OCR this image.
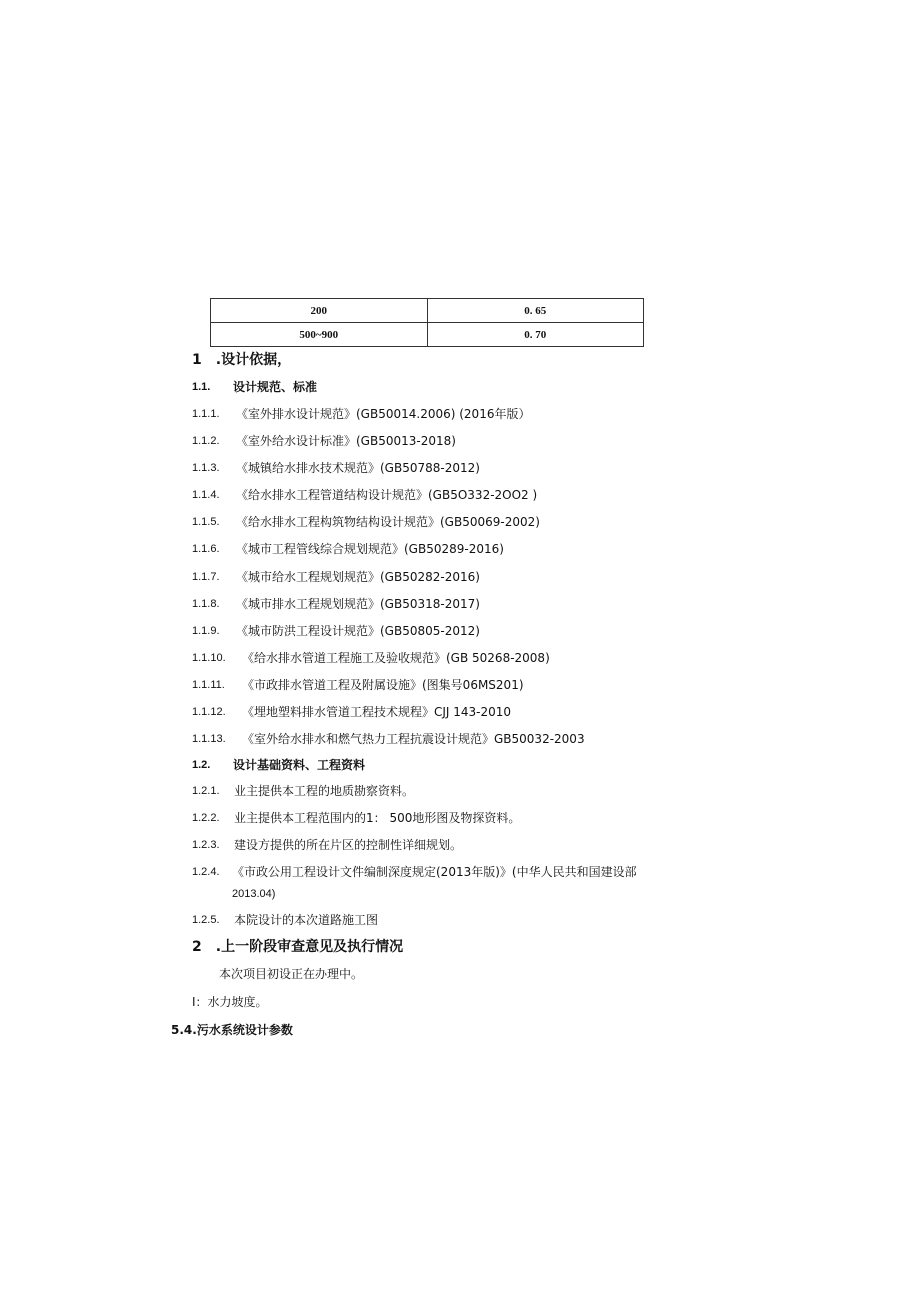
200	0. 65
500~900	0. 70
1 .设计依据，
1.1. 设计规范、标准
1.1.1. 《室外排水设计规范》(GB50014.2006) (2016年版）
1.1.2. 《室外给水设计标准》(GB50013-2018)
1.1.3. 《城镇给水排水技术规范》(GB50788-2012)
1.1.4. 《给水排水工程管道结构设计规范》(GB5O332-2OO2 )
1.1.5. 《给水排水工程构筑物结构设计规范》(GB50069-2002)
1.1.6. 《城市工程管线综合规划规范》(GB50289-2016)
1.1.7. 《城市给水工程规划规范》(GB50282-2016)
1.1.8. 《城市排水工程规划规范》(GB50318-2017)
1.1.9. 《城市防洪工程设计规范》(GB50805-2012)
1.1.10. 《给水排水管道工程施工及验收规范》(GB 50268-2008)
1.1.11. 《市政排水管道工程及附属设施》(图集号06MS201)
1.1.12. 《埋地塑料排水管道工程技术规程》CJJ 143-2010
1.1.13. 《室外给水排水和燃气热力工程抗震设计规范》GB50032-2003
1.2. 设计基础资料、工程资料
1.2.1. 业主提供本工程的地质勘察资料。
1.2.2. 业主提供本工程范围内的1： 500地形图及物探资料。
1.2.3. 建设方提供的所在片区的控制性详细规划。
1.2.4. 《市政公用工程设计文件编制深度规定(2013年版)》(中华人民共和国建设部
2013.04)
1.2.5. 本院设计的本次道路施工图
2 .上一阶段审查意见及执行情况
本次项目初设正在办理中。
I：水力坡度。
5.4.污水系统设计参数
